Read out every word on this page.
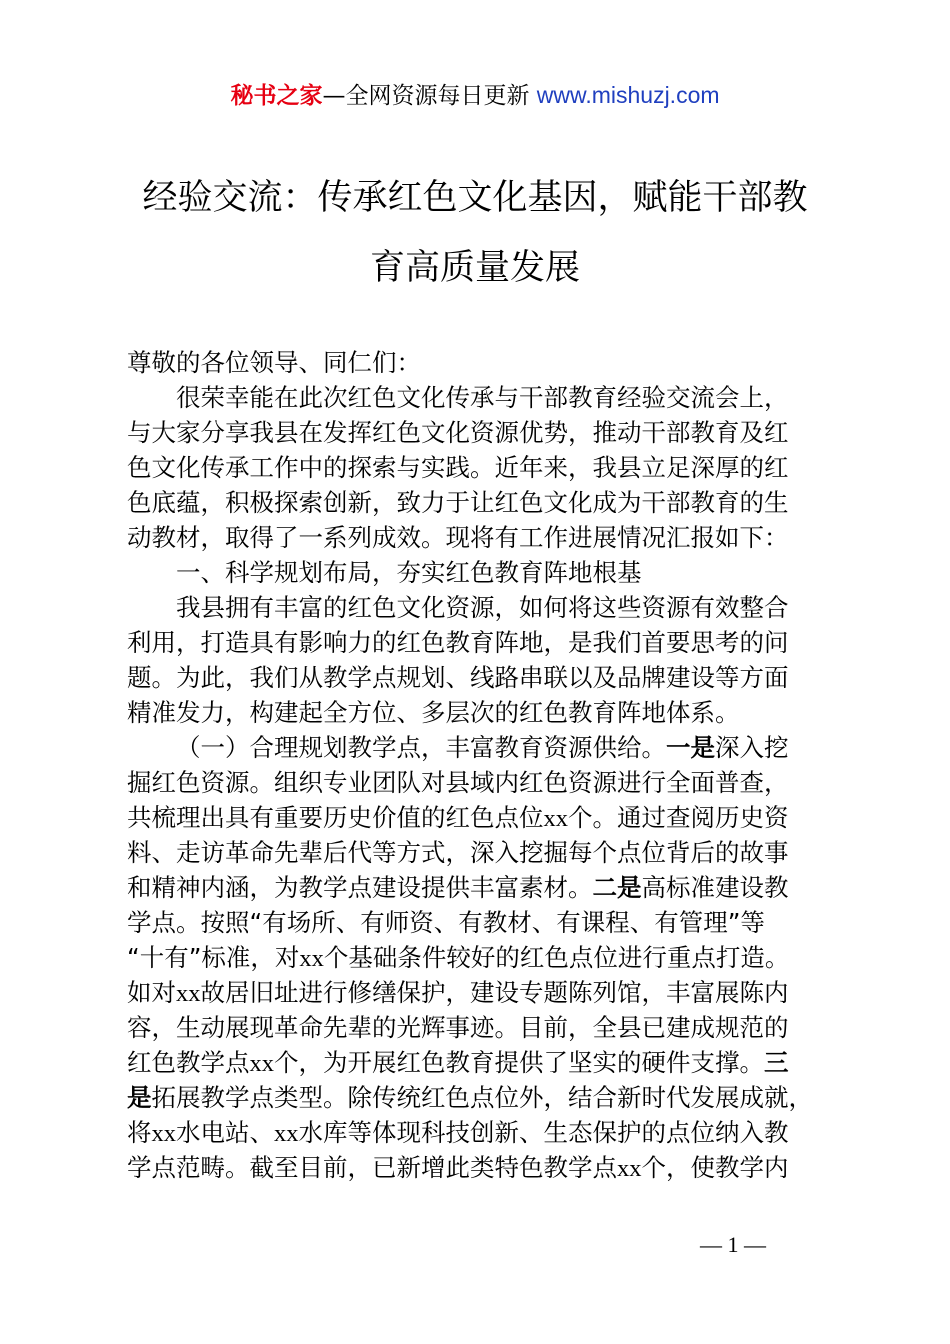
秘书之家—全网资源每日更新 www.mishuzj.com
经验交流：传承红色文化基因，赋能干部教
育高质量发展
尊敬的各位领导、同仁们：
很荣幸能在此次红色文化传承与干部教育经验交流会上，
与大家分享我县在发挥红色文化资源优势，推动干部教育及红
色文化传承工作中的探索与实践。近年来，我县立足深厚的红
色底蕴，积极探索创新，致力于让红色文化成为干部教育的生
动教材，取得了一系列成效。现将有工作进展情况汇报如下：
一、科学规划布局，夯实红色教育阵地根基
我县拥有丰富的红色文化资源，如何将这些资源有效整合
利用，打造具有影响力的红色教育阵地，是我们首要思考的问
题。为此，我们从教学点规划、线路串联以及品牌建设等方面
精准发力，构建起全方位、多层次的红色教育阵地体系。
（一）合理规划教学点，丰富教育资源供给。一是深入挖
掘红色资源。组织专业团队对县域内红色资源进行全面普查，
共梳理出具有重要历史价值的红色点位xx个。通过查阅历史资
料、走访革命先辈后代等方式，深入挖掘每个点位背后的故事
和精神内涵，为教学点建设提供丰富素材。二是高标准建设教
学点。按照“有场所、有师资、有教材、有课程、有管理”等
“十有”标准，对xx个基础条件较好的红色点位进行重点打造。
如对xx故居旧址进行修缮保护，建设专题陈列馆，丰富展陈内
容，生动展现革命先辈的光辉事迹。目前，全县已建成规范的
红色教学点xx个，为开展红色教育提供了坚实的硬件支撑。三
是拓展教学点类型。除传统红色点位外，结合新时代发展成就，
将xx水电站、xx水库等体现科技创新、生态保护的点位纳入教
学点范畴。截至目前，已新增此类特色教学点xx个，使教学内
— 1 —
